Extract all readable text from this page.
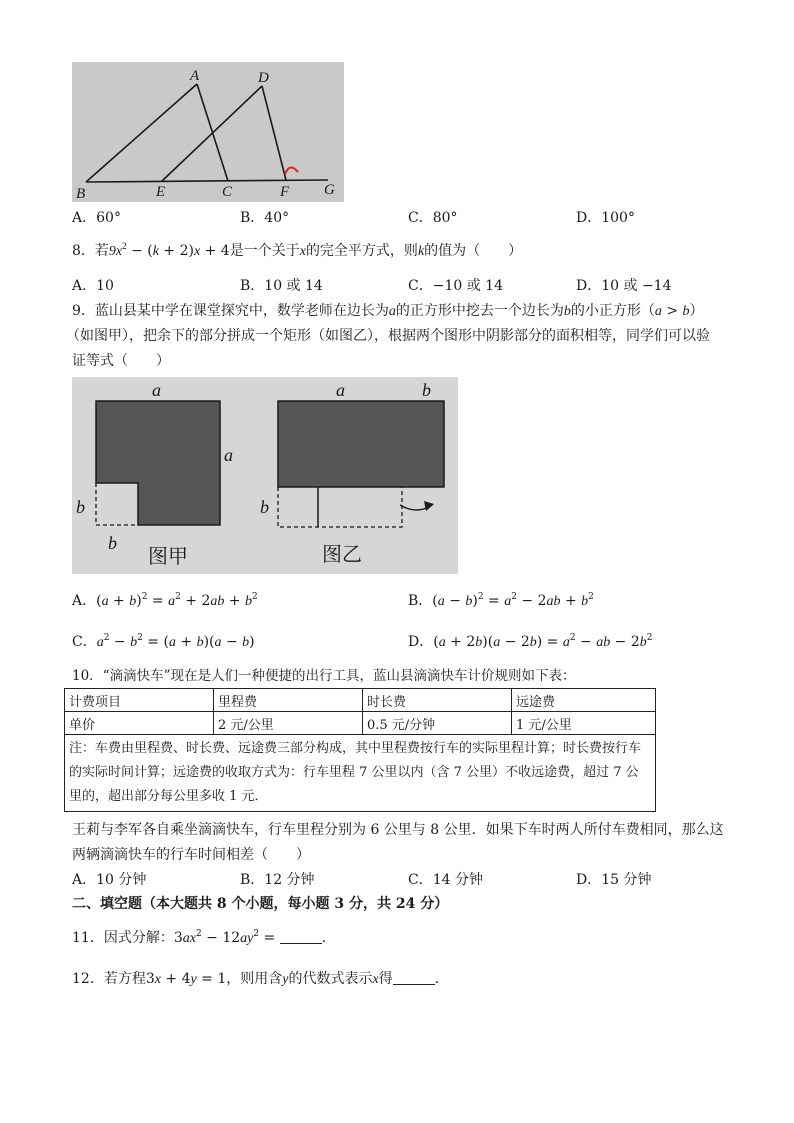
A	D
B	E	C	F G
A．60°	B．40°	C．80°	D．100°
8．若$9x^2 - (k + 2)x + 4$是一个关于x的完全平方式，则k的值为（　　）
A．10	B．10 或 14	C．−10 或 14	D．10 或 −14
9．蓝山县某中学在课堂探究中，数学老师在边长为a的正方形中挖去一个边长为b的小正方形（a > b）
（如图甲），把余下的部分拼成一个矩形（如图乙），根据两个图形中阴影部分的面积相等，同学们可以验
证等式（　　）
a
a
b
b
a	b
b
图甲	图乙
A．$(a + b)^2 = a^2 + 2ab + b^2$	B．$(a - b)^2 = a^2 - 2ab + b^2$
C．$a^2 - b^2 = (a + b)(a - b)$	D．$(a + 2b)(a - 2b) = a^2$ − ab − $2b^2$
10．“滴滴快车”现在是人们一种便捷的出行工具，蓝山县滴滴快车计价规则如下表：
计费项目	里程费	时长费	远途费
单价	2 元/公里	0.5 元/分钟	1 元/公里
注：车费由里程费、时长费、远途费三部分构成，其中里程费按行车的实际里程计算；时长费按行车的实际时间计算；远途费的收取方式为：行车里程 7 公里以内（含 7 公里）不收远途费，超过 7 公里的，超出部分每公里多收 1 元．			
王莉与李军各自乘坐滴滴快车，行车里程分别为 6 公里与 8 公里．如果下车时两人所付车费相同，那么这
两辆滴滴快车的行车时间相差（　　）
A．10 分钟	B．12 分钟	C．14 分钟	D．15 分钟
二、填空题（本大题共 8 个小题，每小题 3 分，共 24 分）
11．因式分解：$3ax^2 - 12ay^2$ =	．
12．若方程3x + 4y = 1，则用含y的代数式表示x得	．
